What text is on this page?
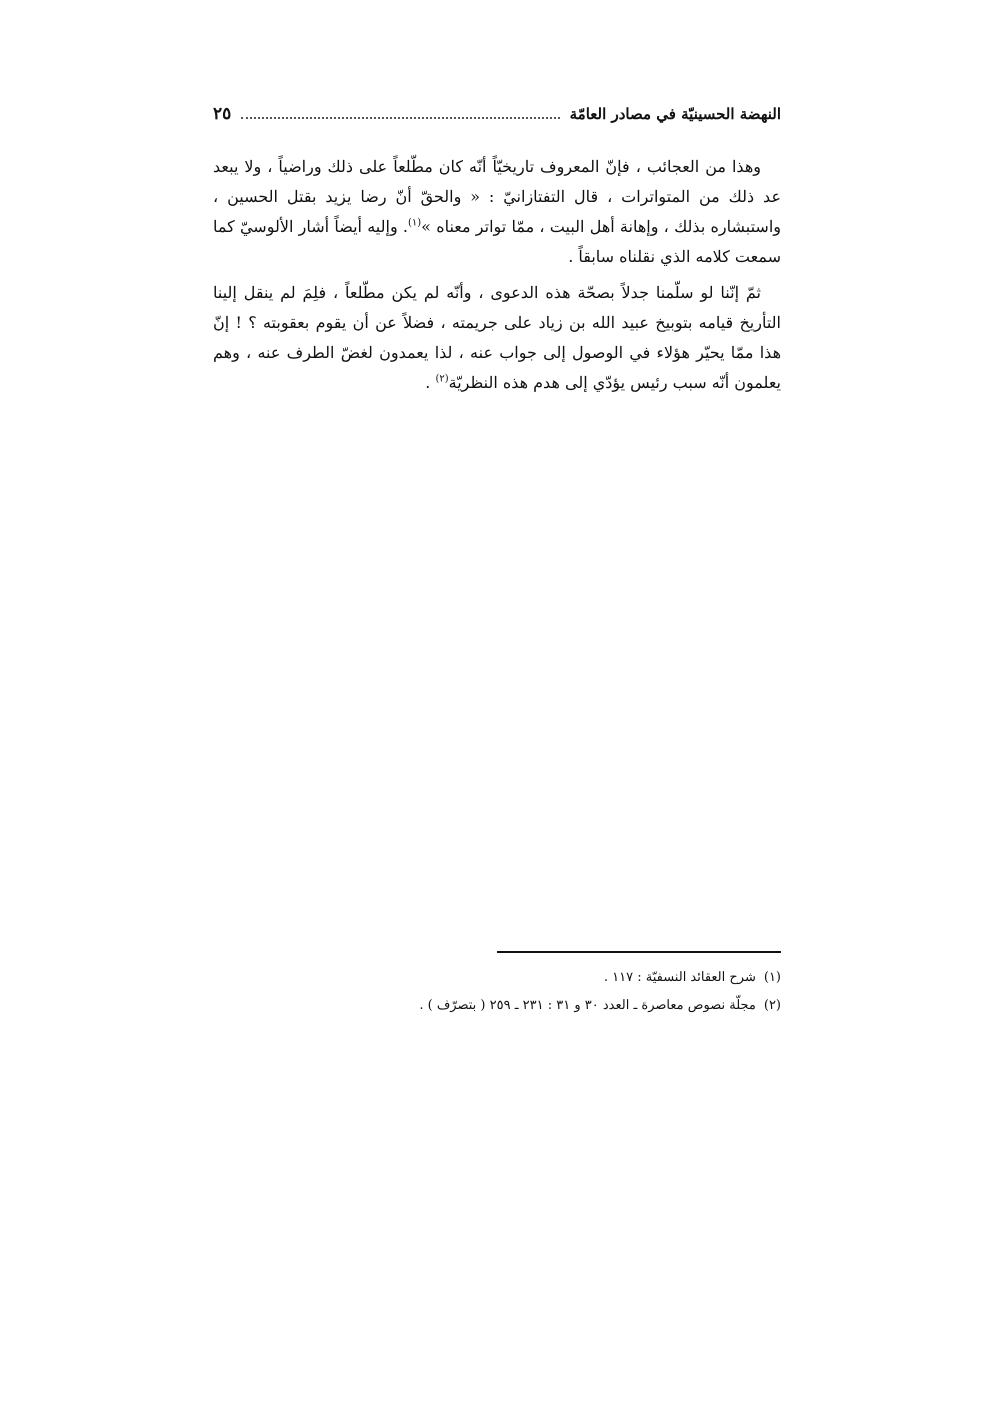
النهضة الحسينيّة في مصادر العامّة
٢٥

وهذا من العجائب ، فإنّ المعروف تاريخيّاً أنّه كان مطّلعاً على ذلك وراضياً ، ولا يبعد عد ذلك من المتواترات ، قال التفتازانيّ : « والحقّ أنّ رضا يزيد بقتل الحسين ، واستبشاره بذلك ، وإهانة أهل البيت ، ممّا تواتر معناه »$^{(١)}$. وإليه أيضاً أشار الألوسيّ كما سمعت كلامه الذي نقلناه سابقاً .

ثمّ إنّنا لو سلّمنا جدلاً بصحّة هذه الدعوى ، وأنّه لم يكن مطّلعاً ، فلِمَ لم ينقل إلينا التأريخ قيامه بتوبيخ عبيد الله بن زياد على جريمته ، فضلاً عن أن يقوم بعقوبته ؟ ! إنّ هذا ممّا يحيّر هؤلاء في الوصول إلى جواب عنه ، لذا يعمدون لغضّ الطرف عنه ، وهم يعلمون أنّه سبب رئيس يؤدّي إلى هدم هذه النظريّة$^{(٢)}$ .

(١)شرح العقائد النسفيّة : ١١٧ .
(٢)مجلّة نصوص معاصرة ـ العدد ٣٠ و ٣١ : ٢٣١ ـ ٢٥٩ ( بتصرّف ) .
